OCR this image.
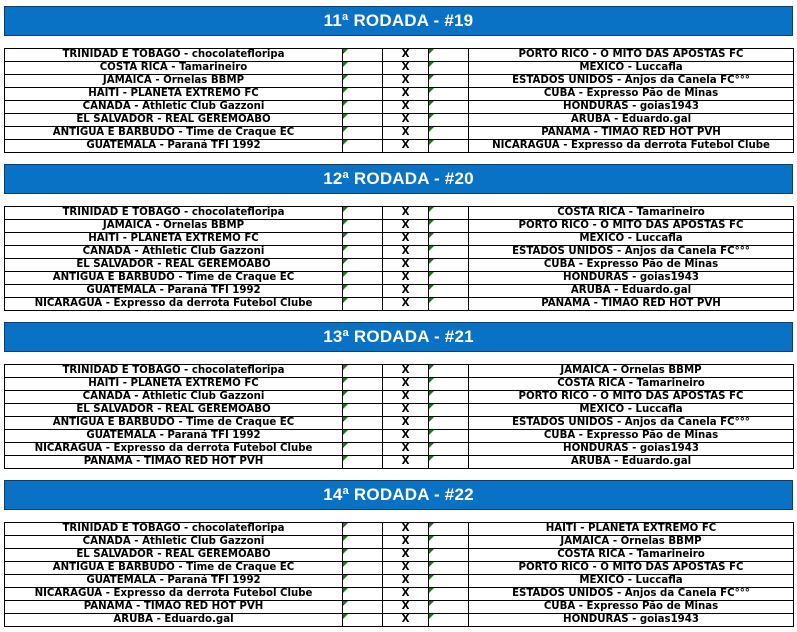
11ª RODADA - #19
TRINIDAD E TOBAGO - chocolatefloripa		X		PORTO RICO - O MITO DAS APOSTAS FC
COSTA RICA - Tamarineiro		X		MÉXICO - Luccafla
JAMAICA - Ornelas BBMP		X		ESTADOS UNIDOS - Anjos da Canela FC°°°
HAITI - PLANETA EXTREMO FC		X		CUBA - Expresso Pão de Minas
CANADÁ - Athletic Club Gazzoni		X		HONDURAS - goias1943
EL SALVADOR - REAL GEREMOABO		X		ARUBA - Eduardo.gal
ANTIGUA E BARBUDO - Time de Craque EC		X		PANAMÁ - TIMÃO RED HOT PVH
GUATEMALA - Paraná TFI 1992		X		NICARAGUA - Expresso da derrota Futebol Clube
12ª RODADA - #20
TRINIDAD E TOBAGO - chocolatefloripa		X		COSTA RICA - Tamarineiro
JAMAICA - Ornelas BBMP		X		PORTO RICO - O MITO DAS APOSTAS FC
HAITI - PLANETA EXTREMO FC		X		MÉXICO - Luccafla
CANADÁ - Athletic Club Gazzoni		X		ESTADOS UNIDOS - Anjos da Canela FC°°°
EL SALVADOR - REAL GEREMOABO		X		CUBA - Expresso Pão de Minas
ANTIGUA E BARBUDO - Time de Craque EC		X		HONDURAS - goias1943
GUATEMALA - Paraná TFI 1992		X		ARUBA - Eduardo.gal
NICARAGUA - Expresso da derrota Futebol Clube		X		PANAMÁ - TIMÃO RED HOT PVH
13ª RODADA - #21
TRINIDAD E TOBAGO - chocolatefloripa		X		JAMAICA - Ornelas BBMP
HAITI - PLANETA EXTREMO FC		X		COSTA RICA - Tamarineiro
CANADÁ - Athletic Club Gazzoni		X		PORTO RICO - O MITO DAS APOSTAS FC
EL SALVADOR - REAL GEREMOABO		X		MÉXICO - Luccafla
ANTIGUA E BARBUDO - Time de Craque EC		X		ESTADOS UNIDOS - Anjos da Canela FC°°°
GUATEMALA - Paraná TFI 1992		X		CUBA - Expresso Pão de Minas
NICARAGUA - Expresso da derrota Futebol Clube		X		HONDURAS - goias1943
PANAMÁ - TIMÃO RED HOT PVH		X		ARUBA - Eduardo.gal
14ª RODADA - #22
TRINIDAD E TOBAGO - chocolatefloripa		X		HAITI - PLANETA EXTREMO FC
CANADÁ - Athletic Club Gazzoni		X		JAMAICA - Ornelas BBMP
EL SALVADOR - REAL GEREMOABO		X		COSTA RICA - Tamarineiro
ANTIGUA E BARBUDO - Time de Craque EC		X		PORTO RICO - O MITO DAS APOSTAS FC
GUATEMALA - Paraná TFI 1992		X		MÉXICO - Luccafla
NICARAGUA - Expresso da derrota Futebol Clube		X		ESTADOS UNIDOS - Anjos da Canela FC°°°
PANAMÁ - TIMÃO RED HOT PVH		X		CUBA - Expresso Pão de Minas
ARUBA - Eduardo.gal		X		HONDURAS - goias1943
